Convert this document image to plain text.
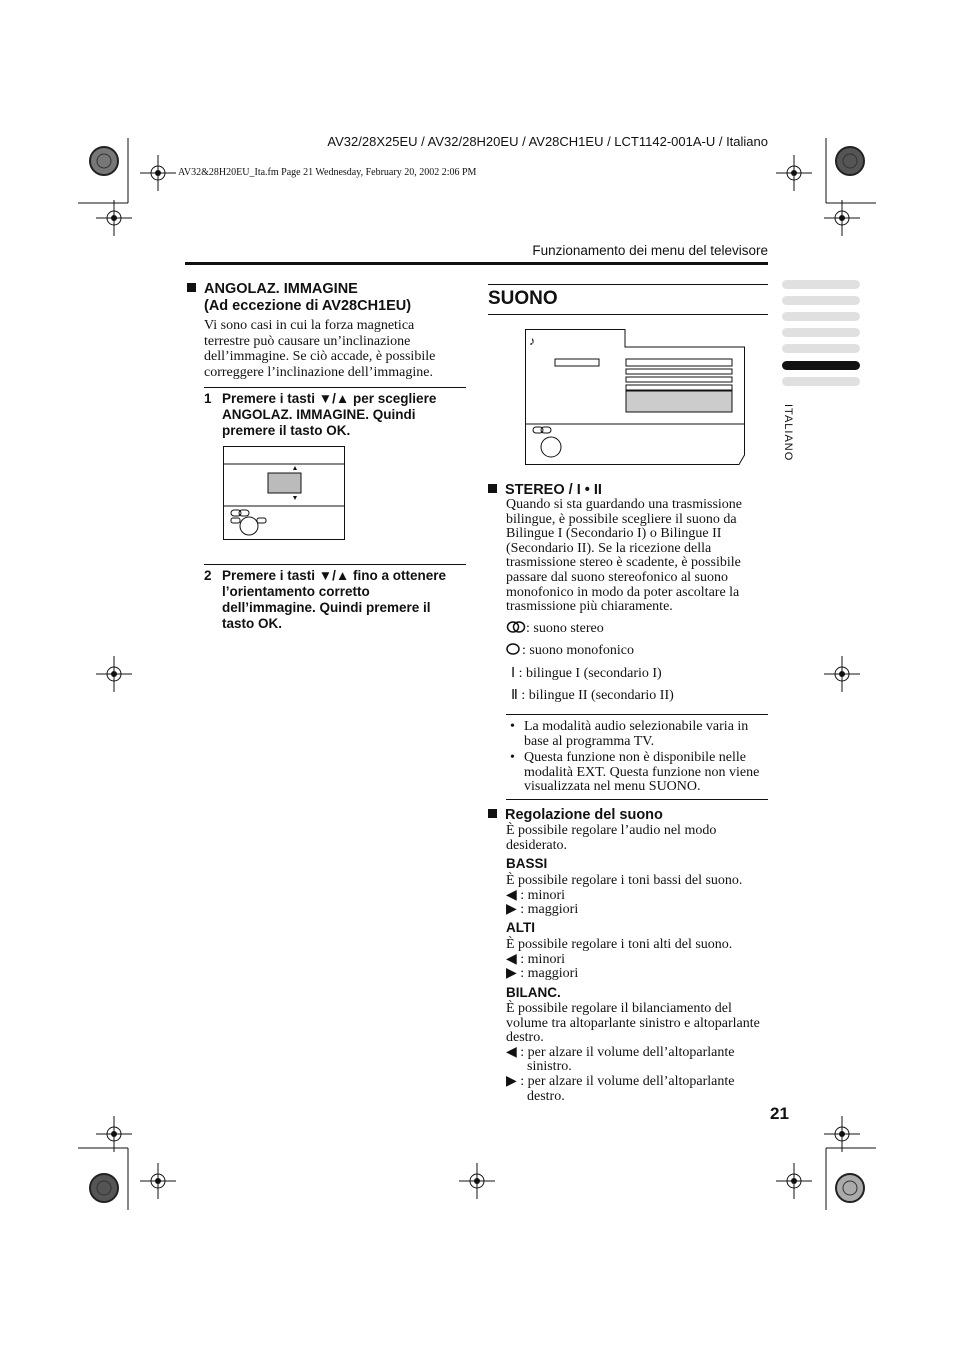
AV32/28X25EU / AV32/28H20EU / AV28CH1EU / LCT1142-001A-U / Italiano
AV32&28H20EU_Ita.fm Page 21 Wednesday, February 20, 2002 2:06 PM
Funzionamento dei menu del televisore
ANGOLAZ. IMMAGINE
(Ad eccezione di AV28CH1EU)
Vi sono casi in cui la forza magnetica
terrestre può causare un’inclinazione
dell’immagine. Se ciò accade, è possibile
correggere l’inclinazione dell’immagine.
1 Premere i tasti ▼/▲ per scegliere
ANGOLAZ. IMMAGINE. Quindi
premere il tasto OK.
2 Premere i tasti ▼/▲ fino a ottenere
l’orientamento corretto
dell’immagine. Quindi premere il
tasto OK.
SUONO
♪
STEREO / I • II
Quando si sta guardando una trasmissione
bilingue, è possibile scegliere il suono da
Bilingue I (Secondario I) o Bilingue II
(Secondario II). Se la ricezione della
trasmissione stereo è scadente, è possibile
passare dal suono stereofonico al suono
monofonico in modo da poter ascoltare la
trasmissione più chiaramente.
: suono stereo
: suono monofonico
Ⅰ : bilingue I (secondario I)
Ⅱ : bilingue II (secondario II)
• La modalità audio selezionabile varia in
base al programma TV.
• Questa funzione non è disponibile nelle
modalità EXT. Questa funzione non viene
visualizzata nel menu SUONO.
Regolazione del suono
È possibile regolare l’audio nel modo
desiderato.
BASSI
È possibile regolare i toni bassi del suono.
◀ : minori
▶ : maggiori
ALTI
È possibile regolare i toni alti del suono.
◀ : minori
▶ : maggiori
BILANC.
È possibile regolare il bilanciamento del
volume tra altoparlante sinistro e altoparlante
destro.
◀ : per alzare il volume dell’altoparlante
sinistro.
▶ : per alzare il volume dell’altoparlante
destro.
ITALIANO
21
